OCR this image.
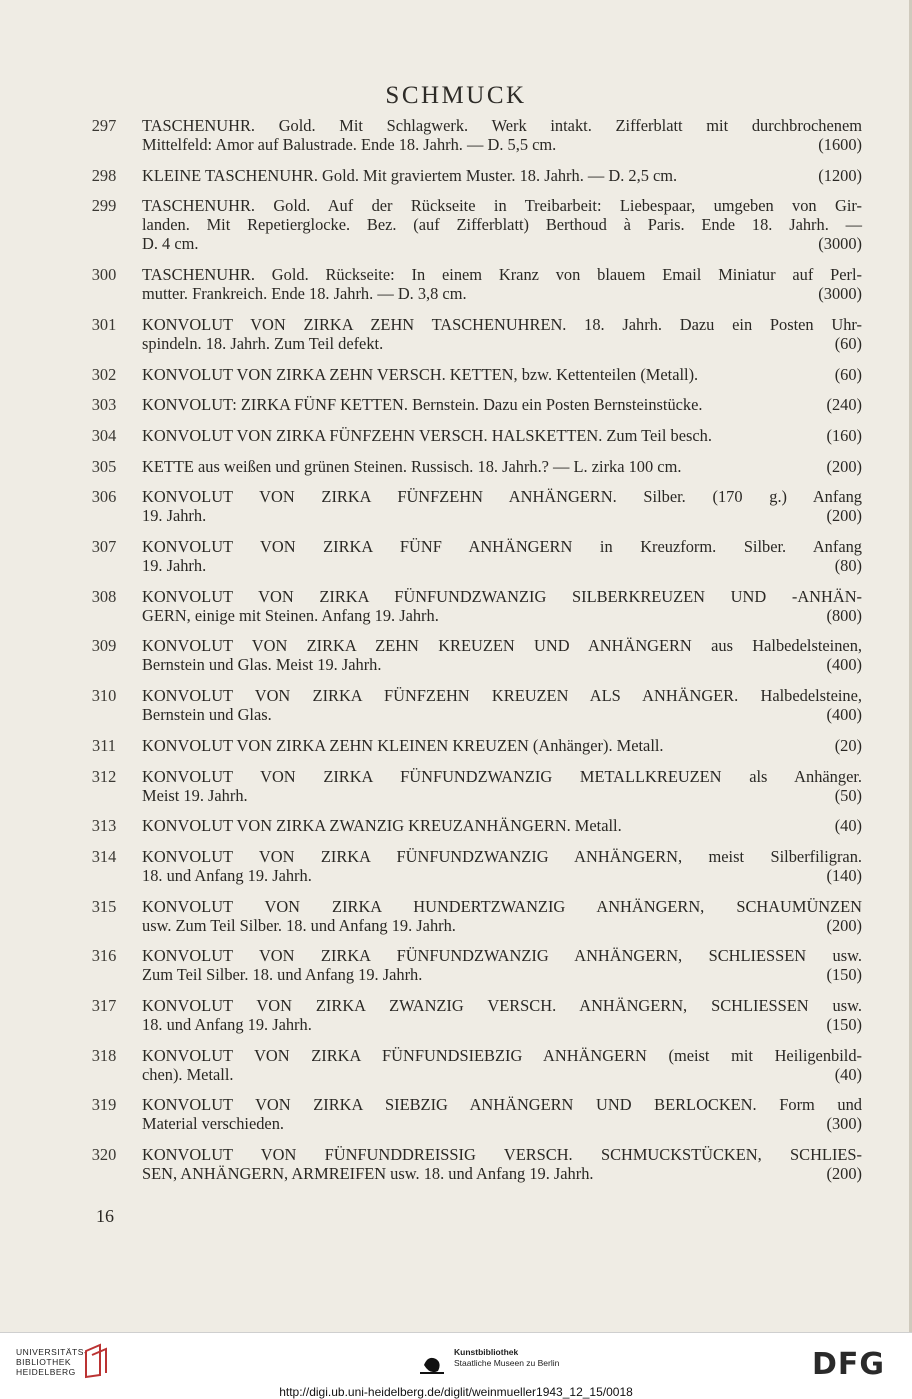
SCHMUCK
297	TASCHENUHR. Gold. Mit Schlagwerk. Werk intakt. Zifferblatt mit durchbrochenem
Mittelfeld: Amor auf Balustrade. Ende 18. Jahrh. — D. 5,5 cm.	(1600)
298	KLEINE TASCHENUHR. Gold. Mit graviertem Muster. 18. Jahrh. — D. 2,5 cm.	(1200)
299	TASCHENUHR. Gold. Auf der Rückseite in Treibarbeit: Liebespaar, umgeben von Gir-
landen. Mit Repetierglocke. Bez. (auf Zifferblatt) Berthoud à Paris. Ende 18. Jahrh. —
D. 4 cm.	(3000)
300	TASCHENUHR. Gold. Rückseite: In einem Kranz von blauem Email Miniatur auf Perl-
mutter. Frankreich. Ende 18. Jahrh. — D. 3,8 cm.	(3000)
301	KONVOLUT VON ZIRKA ZEHN TASCHENUHREN. 18. Jahrh. Dazu ein Posten Uhr-
spindeln. 18. Jahrh. Zum Teil defekt.	(60)
302	KONVOLUT VON ZIRKA ZEHN VERSCH. KETTEN, bzw. Kettenteilen (Metall).	(60)
303	KONVOLUT: ZIRKA FÜNF KETTEN. Bernstein. Dazu ein Posten Bernsteinstücke.	(240)
304	KONVOLUT VON ZIRKA FÜNFZEHN VERSCH. HALSKETTEN. Zum Teil besch.	(160)
305	KETTE aus weißen und grünen Steinen. Russisch. 18. Jahrh.? — L. zirka 100 cm.	(200)
306	KONVOLUT VON ZIRKA FÜNFZEHN ANHÄNGERN. Silber. (170 g.) Anfang
19. Jahrh.	(200)
307	KONVOLUT VON ZIRKA FÜNF ANHÄNGERN in Kreuzform. Silber. Anfang
19. Jahrh.	(80)
308	KONVOLUT VON ZIRKA FÜNFUNDZWANZIG SILBERKREUZEN UND -ANHÄN-
GERN, einige mit Steinen. Anfang 19. Jahrh.	(800)
309	KONVOLUT VON ZIRKA ZEHN KREUZEN UND ANHÄNGERN aus Halbedelsteinen,
Bernstein und Glas. Meist 19. Jahrh.	(400)
310	KONVOLUT VON ZIRKA FÜNFZEHN KREUZEN ALS ANHÄNGER. Halbedelsteine,
Bernstein und Glas.	(400)
311	KONVOLUT VON ZIRKA ZEHN KLEINEN KREUZEN (Anhänger). Metall.	(20)
312	KONVOLUT VON ZIRKA FÜNFUNDZWANZIG METALLKREUZEN als Anhänger.
Meist 19. Jahrh.	(50)
313	KONVOLUT VON ZIRKA ZWANZIG KREUZANHÄNGERN. Metall.	(40)
314	KONVOLUT VON ZIRKA FÜNFUNDZWANZIG ANHÄNGERN, meist Silberfiligran.
18. und Anfang 19. Jahrh.	(140)
315	KONVOLUT VON ZIRKA HUNDERTZWANZIG ANHÄNGERN, SCHAUMÜNZEN
usw. Zum Teil Silber. 18. und Anfang 19. Jahrh.	(200)
316	KONVOLUT VON ZIRKA FÜNFUNDZWANZIG ANHÄNGERN, SCHLIESSEN usw.
Zum Teil Silber. 18. und Anfang 19. Jahrh.	(150)
317	KONVOLUT VON ZIRKA ZWANZIG VERSCH. ANHÄNGERN, SCHLIESSEN usw.
18. und Anfang 19. Jahrh.	(150)
318	KONVOLUT VON ZIRKA FÜNFUNDSIEBZIG ANHÄNGERN (meist mit Heiligenbild-
chen). Metall.	(40)
319	KONVOLUT VON ZIRKA SIEBZIG ANHÄNGERN UND BERLOCKEN. Form und
Material verschieden.	(300)
320	KONVOLUT VON FÜNFUNDDREISSIG VERSCH. SCHMUCKSTÜCKEN, SCHLIES-
SEN, ANHÄNGERN, ARMREIFEN usw. 18. und Anfang 19. Jahrh.	(200)
16
UNIVERSITÄTS-
BIBLIOTHEK
HEIDELBERG
Kunstbibliothek
Staatliche Museen zu Berlin	DFG
http://digi.ub.uni-heidelberg.de/diglit/weinmueller1943_12_15/0018
